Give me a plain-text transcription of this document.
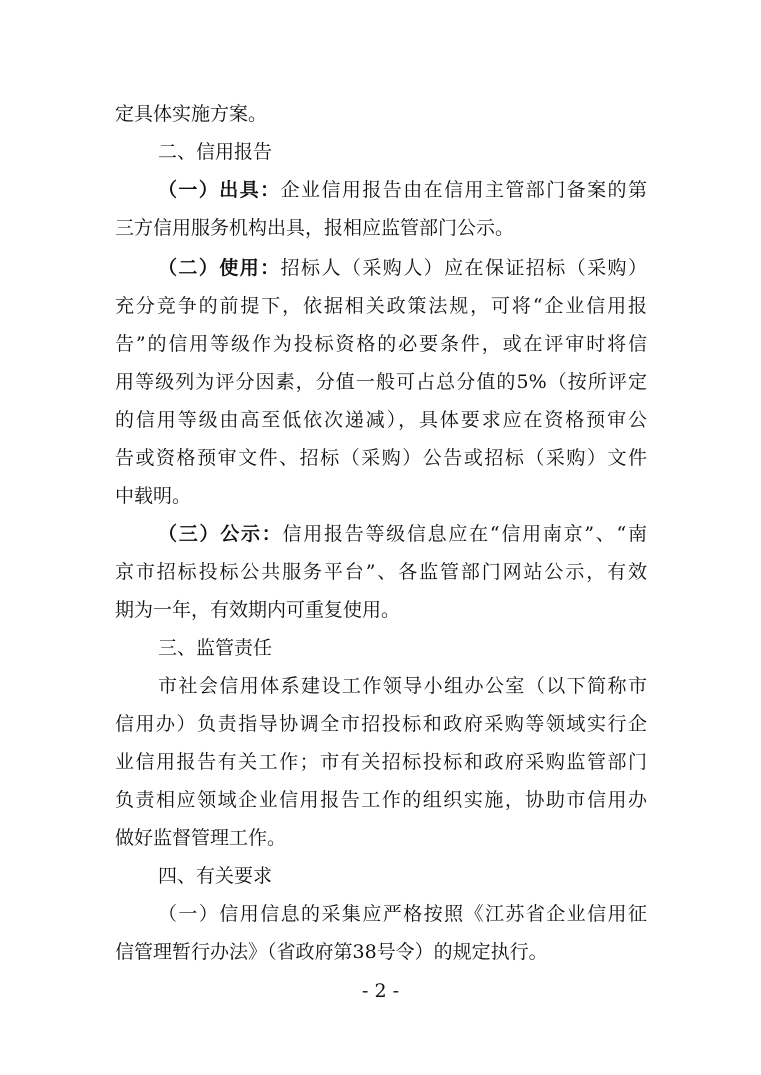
定具体实施方案。
二、信用报告
（一）出具：企业信用报告由在信用主管部门备案的第
三方信用服务机构出具，报相应监管部门公示。
（二）使用：招标人（采购人）应在保证招标（采购）
充分竞争的前提下，依据相关政策法规，可将“企业信用报
告”的信用等级作为投标资格的必要条件，或在评审时将信
用等级列为评分因素，分值一般可占总分值的5%（按所评定
的信用等级由高至低依次递减），具体要求应在资格预审公
告或资格预审文件、招标（采购）公告或招标（采购）文件
中载明。
（三）公示：信用报告等级信息应在“信用南京”、“南
京市招标投标公共服务平台”、各监管部门网站公示，有效
期为一年，有效期内可重复使用。
三、监管责任
市社会信用体系建设工作领导小组办公室（以下简称市
信用办）负责指导协调全市招投标和政府采购等领域实行企
业信用报告有关工作；市有关招标投标和政府采购监管部门
负责相应领域企业信用报告工作的组织实施，协助市信用办
做好监督管理工作。
四、有关要求
（一）信用信息的采集应严格按照《江苏省企业信用征
信管理暂行办法》（省政府第38号令）的规定执行。
- 2 -
